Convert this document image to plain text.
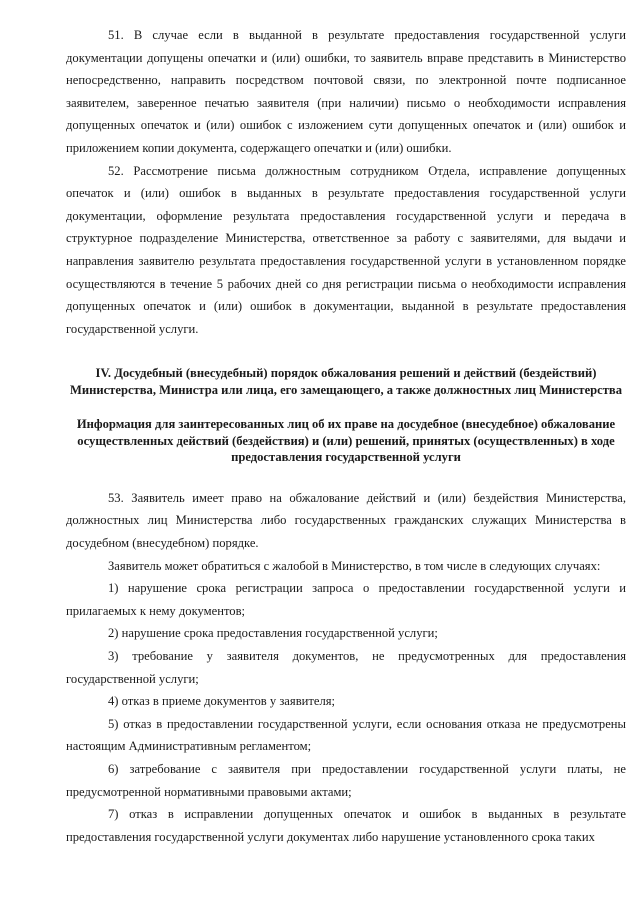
51. В случае если в выданной в результате предоставления государственной услуги документации допущены опечатки и (или) ошибки, то заявитель вправе представить в Министерство непосредственно, направить посредством почтовой связи, по электронной почте подписанное заявителем, заверенное печатью заявителя (при наличии) письмо о необходимости исправления допущенных опечаток и (или) ошибок с изложением сути допущенных опечаток и (или) ошибок и приложением копии документа, содержащего опечатки и (или) ошибки.

52. Рассмотрение письма должностным сотрудником Отдела, исправление допущенных опечаток и (или) ошибок в выданных в результате предоставления государственной услуги документации, оформление результата предоставления государственной услуги и передача в структурное подразделение Министерства, ответственное за работу с заявителями, для выдачи и направления заявителю результата предоставления государственной услуги в установленном порядке осуществляются в течение 5 рабочих дней со дня регистрации письма о необходимости исправления допущенных опечаток и (или) ошибок в документации, выданной в результате предоставления государственной услуги.

IV. Досудебный (внесудебный) порядок обжалования решений и действий (бездействий) Министерства, Министра или лица, его замещающего, а также должностных лиц Министерства

Информация для заинтересованных лиц об их праве на досудебное (внесудебное) обжалование осуществленных действий (бездействия) и (или) решений, принятых (осуществленных) в ходе предоставления государственной услуги

53. Заявитель имеет право на обжалование действий и (или) бездействия Министерства, должностных лиц Министерства либо государственных гражданских служащих Министерства в досудебном (внесудебном) порядке.

Заявитель может обратиться с жалобой в Министерство, в том числе в следующих случаях:

1) нарушение срока регистрации запроса о предоставлении государственной услуги и прилагаемых к нему документов;

2) нарушение срока предоставления государственной услуги;

3) требование у заявителя документов, не предусмотренных для предоставления государственной услуги;

4) отказ в приеме документов у заявителя;

5) отказ в предоставлении государственной услуги, если основания отказа не предусмотрены настоящим Административным регламентом;

6) затребование с заявителя при предоставлении государственной услуги платы, не предусмотренной нормативными правовыми актами;

7) отказ в исправлении допущенных опечаток и ошибок в выданных в результате предоставления государственной услуги документах либо нарушение установленного срока таких
